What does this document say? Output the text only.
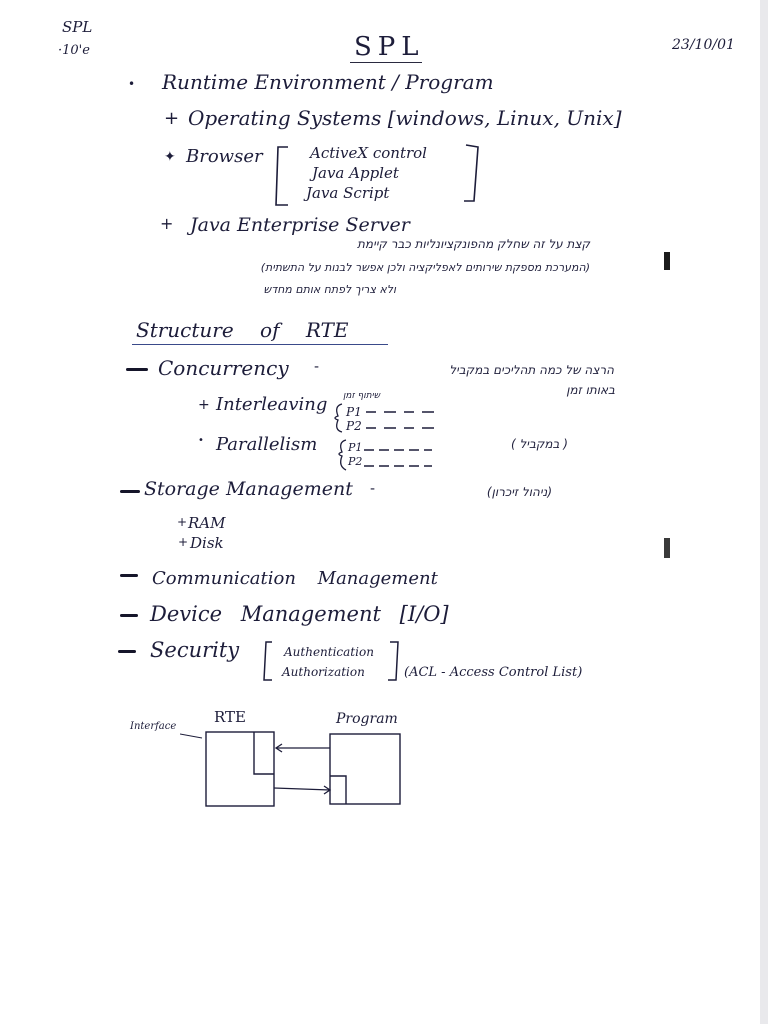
SPL
·10'e	SPL	23/10/01
• Runtime Environment / Program
+ Operating Systems [windows, Linux, Unix]
✦ Browser	ActiveX control
Java Applet
Java Script
+ Java Enterprise Server
קצת על זה שחלק מהפונקציונליות כבר קיימת
(המערכת מספקת שירותים לאפליקציה ולכן אפשר לבנות על התשתית)
ולא צריך לפתח אותם מחדש
Structure of RTE
Concurrency -	הרצה של כמה תהליכים במקביל
באותו זמן
+ Interleaving	שיתוף זמן
P1
P2
• Parallelism	P1
P2
( במקביל )
Storage Management -	(ניהול זיכרון)
RAM
+
Disk
+
Communication Management
Device Management [I/O]
Security	Authentication
Authorization	(ACL - Access Control List)
Interface
RTE	Program
